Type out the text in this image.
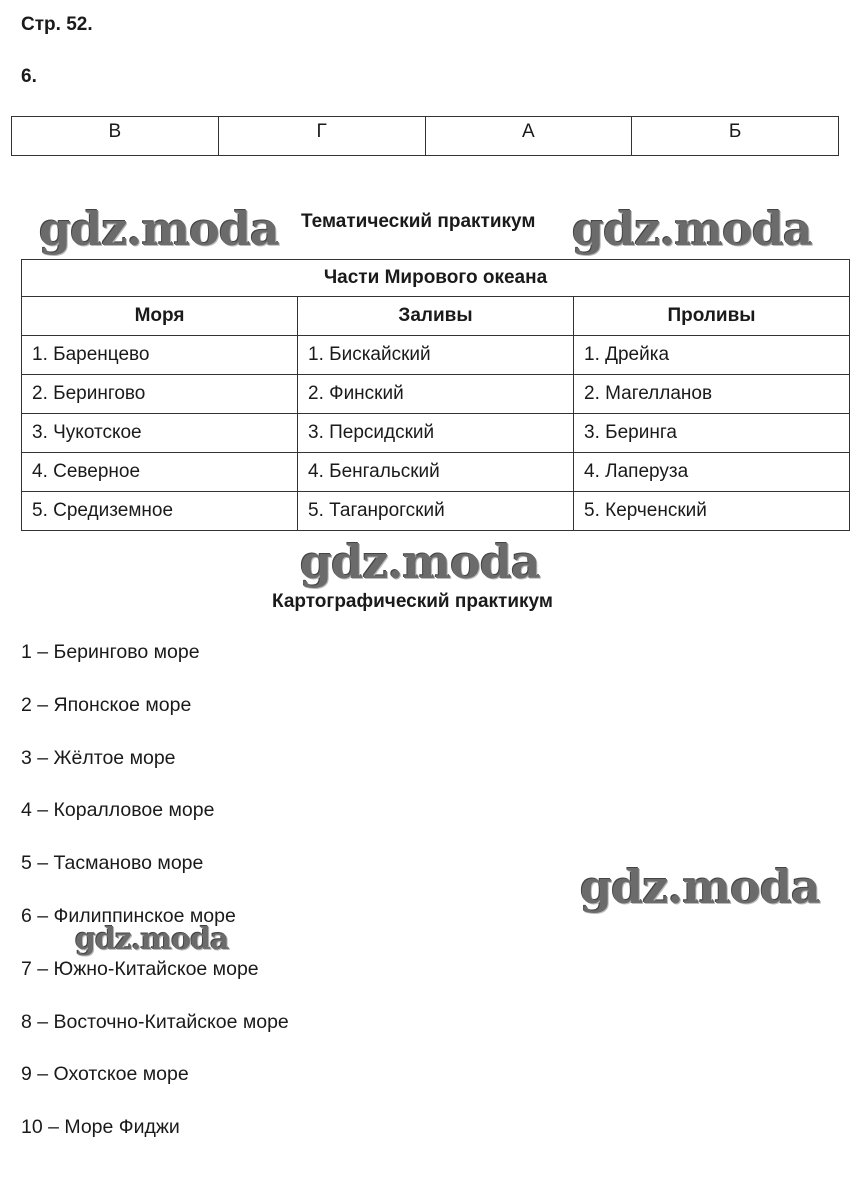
Стр. 52.
6.
В	Г	А	Б
gdz.moda Тематический практикум gdz.moda
Части Мирового океана		
Моря	Заливы	Проливы
1. Баренцево	1. Бискайский	1. Дрейка
2. Берингово	2. Финский	2. Магелланов
3. Чукотское	3. Персидский	3. Беринга
4. Северное	4. Бенгальский	4. Лаперуза
5. Средиземное	5. Таганрогский	5. Керченский
gdz.moda
Картографический практикум
1 – Берингово море
2 – Японское море
3 – Жёлтое море
4 – Коралловое море
5 – Тасманово море
6 – Филиппинское море
7 – Южно-Китайское море
8 – Восточно-Китайское море
9 – Охотское море
10 – Море Фиджи
gdz.moda
gdz.moda
